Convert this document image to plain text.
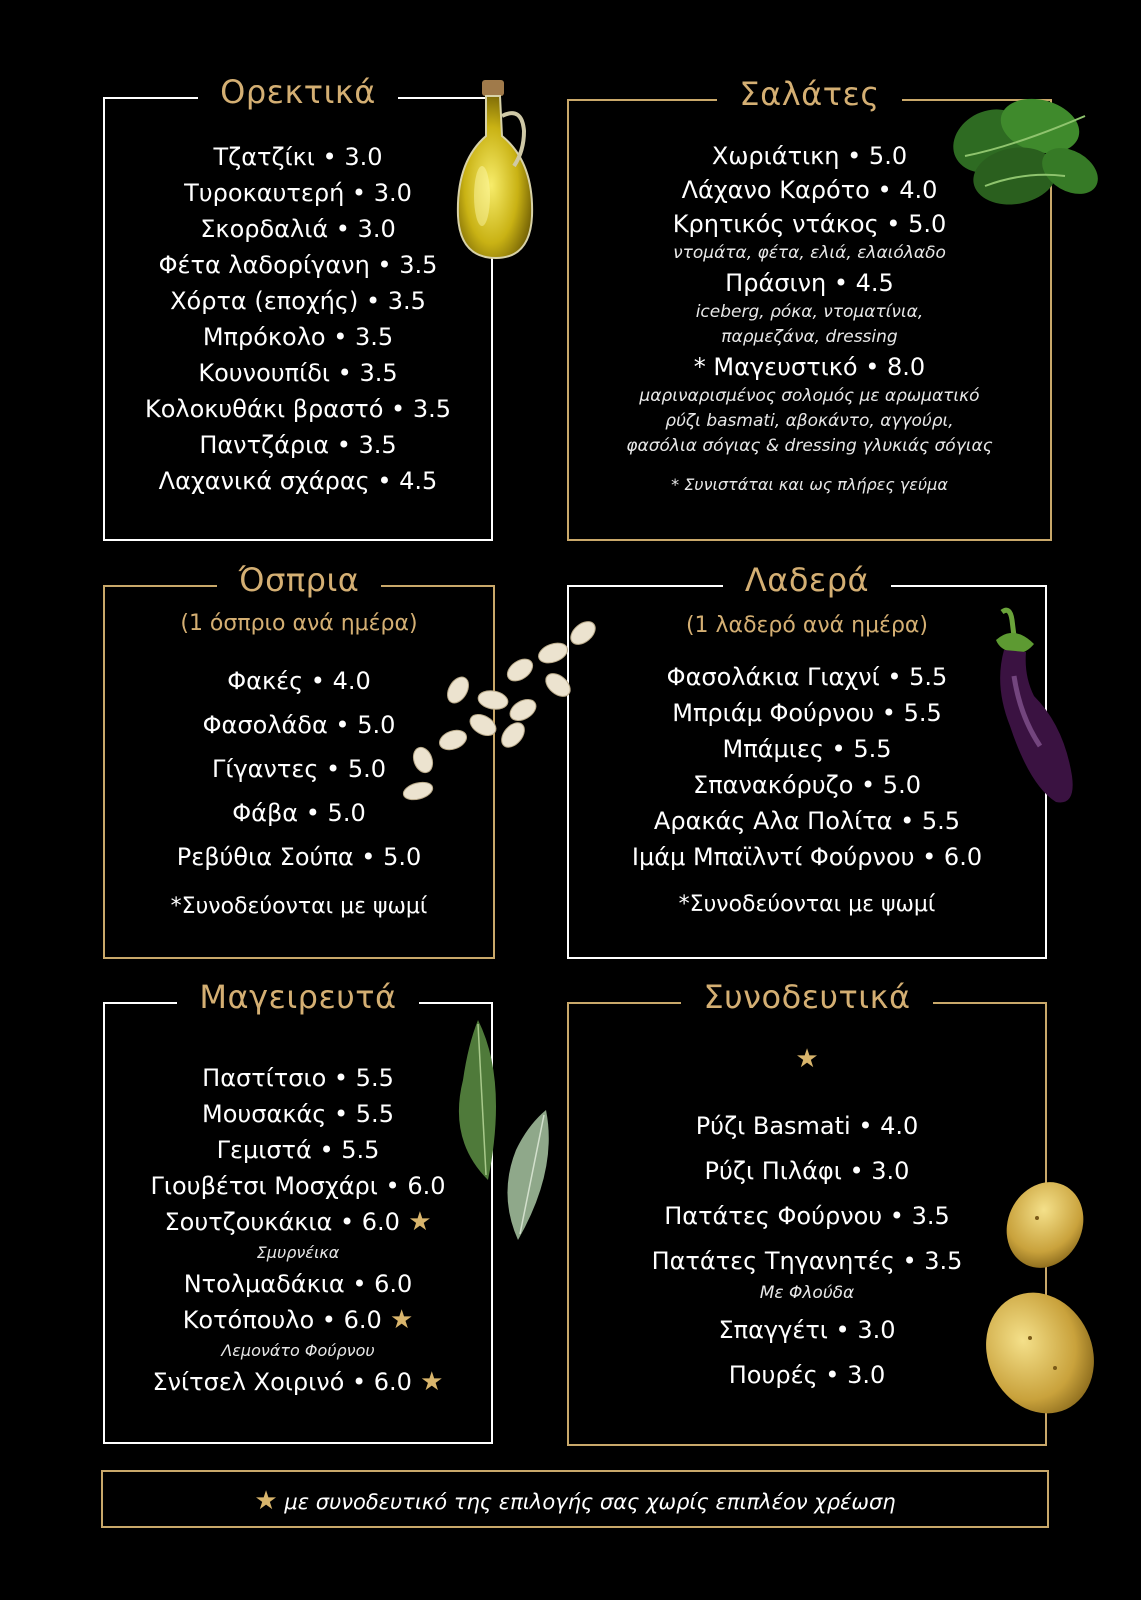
Ορεκτικά
Τζατζίκι • 3.0
Τυροκαυτερή • 3.0
Σκορδαλιά • 3.0
Φέτα λαδορίγανη • 3.5
Χόρτα (εποχής) • 3.5
Μπρόκολο • 3.5
Κουνουπίδι • 3.5
Κολοκυθάκι βραστό • 3.5
Παντζάρια • 3.5
Λαχανικά σχάρας • 4.5
Σαλάτες
Χωριάτικη • 5.0
Λάχανο Καρότο • 4.0
Κρητικός ντάκος • 5.0
ντομάτα, φέτα, ελιά, ελαιόλαδο
Πράσινη • 4.5
iceberg, ρόκα, ντοματίνια,
παρμεζάνα, dressing
* Μαγευστικό • 8.0
μαριναρισμένος σολομός με αρωματικό
ρύζι basmati, αβοκάντο, αγγούρι,
φασόλια σόγιας & dressing γλυκιάς σόγιας
* Συνιστάται και ως πλήρες γεύμα
Όσπρια
(1 όσπριο ανά ημέρα)
Φακές • 4.0
Φασολάδα • 5.0
Γίγαντες • 5.0
Φάβα • 5.0
Ρεβύθια Σούπα • 5.0
*Συνοδεύονται με ψωμί
Λαδερά
(1 λαδερό ανά ημέρα)
Φασολάκια Γιαχνί • 5.5
Μπριάμ Φούρνου • 5.5
Μπάμιες • 5.5
Σπανακόρυζο • 5.0
Αρακάς Αλα Πολίτα • 5.5
Ιμάμ Μπαϊλντί Φούρνου • 6.0
*Συνοδεύονται με ψωμί
Μαγειρευτά
Παστίτσιο • 5.5
Μουσακάς • 5.5
Γεμιστά • 5.5
Γιουβέτσι Μοσχάρι • 6.0
Σουτζουκάκια • 6.0 ★
Σμυρνέικα
Ντολμαδάκια • 6.0
Κοτόπουλο • 6.0 ★
Λεμονάτο Φούρνου
Σνίτσελ Χοιρινό • 6.0 ★
Συνοδευτικά
★
Ρύζι Basmati • 4.0
Ρύζι Πιλάφι • 3.0
Πατάτες Φούρνου • 3.5
Πατάτες Τηγανητές • 3.5
Με Φλούδα
Σπαγγέτι • 3.0
Πουρές • 3.0
★ με συνοδευτικό της επιλογής σας χωρίς επιπλέον χρέωση
